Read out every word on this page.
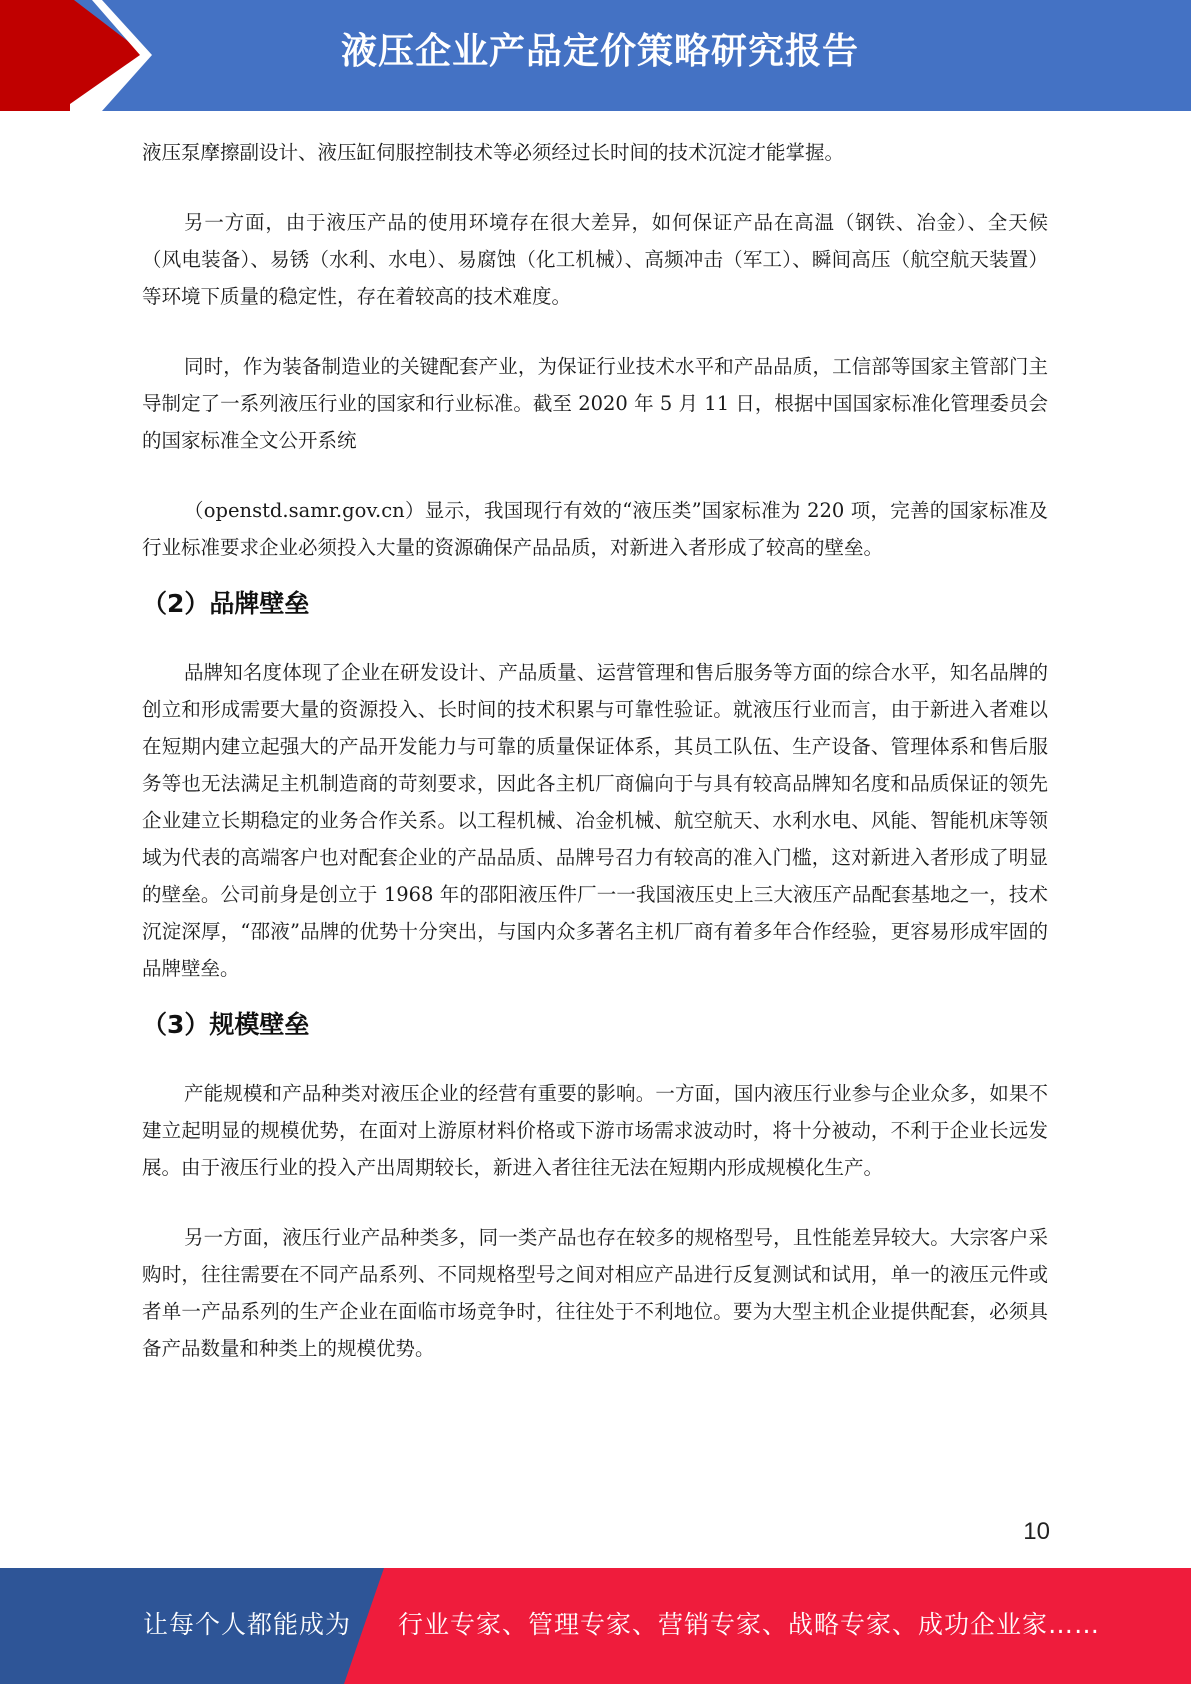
液压企业产品定价策略研究报告

液压泵摩擦副设计、液压缸伺服控制技术等必须经过长时间的技术沉淀才能掌握。

另一方面，由于液压产品的使用环境存在很大差异，如何保证产品在高温（钢铁、冶金）、全天候（风电装备）、易锈（水利、水电）、易腐蚀（化工机械）、高频冲击（军工）、瞬间高压（航空航天装置）等环境下质量的稳定性，存在着较高的技术难度。

同时，作为装备制造业的关键配套产业，为保证行业技术水平和产品品质，工信部等国家主管部门主导制定了一系列液压行业的国家和行业标准。截至 2020 年 5 月 11 日，根据中国国家标准化管理委员会的国家标准全文公开系统

（openstd.samr.gov.cn）显示，我国现行有效的“液压类”国家标准为 220 项，完善的国家标准及行业标准要求企业必须投入大量的资源确保产品品质，对新进入者形成了较高的壁垒。

（2）品牌壁垒

品牌知名度体现了企业在研发设计、产品质量、运营管理和售后服务等方面的综合水平，知名品牌的创立和形成需要大量的资源投入、长时间的技术积累与可靠性验证。就液压行业而言，由于新进入者难以在短期内建立起强大的产品开发能力与可靠的质量保证体系，其员工队伍、生产设备、管理体系和售后服务等也无法满足主机制造商的苛刻要求，因此各主机厂商偏向于与具有较高品牌知名度和品质保证的领先企业建立长期稳定的业务合作关系。以工程机械、冶金机械、航空航天、水利水电、风能、智能机床等领域为代表的高端客户也对配套企业的产品品质、品牌号召力有较高的准入门槛，这对新进入者形成了明显的壁垒。公司前身是创立于 1968 年的邵阳液压件厂一一我国液压史上三大液压产品配套基地之一，技术沉淀深厚，“邵液”品牌的优势十分突出，与国内众多著名主机厂商有着多年合作经验，更容易形成牢固的品牌壁垒。

（3）规模壁垒

产能规模和产品种类对液压企业的经营有重要的影响。一方面，国内液压行业参与企业众多，如果不建立起明显的规模优势，在面对上游原材料价格或下游市场需求波动时，将十分被动，不利于企业长远发展。由于液压行业的投入产出周期较长，新进入者往往无法在短期内形成规模化生产。

另一方面，液压行业产品种类多，同一类产品也存在较多的规格型号，且性能差异较大。大宗客户采购时，往往需要在不同产品系列、不同规格型号之间对相应产品进行反复测试和试用，单一的液压元件或者单一产品系列的生产企业在面临市场竞争时，往往处于不利地位。要为大型主机企业提供配套，必须具备产品数量和种类上的规模优势。

10
让每个人都能成为 行业专家、管理专家、营销专家、战略专家、成功企业家……
